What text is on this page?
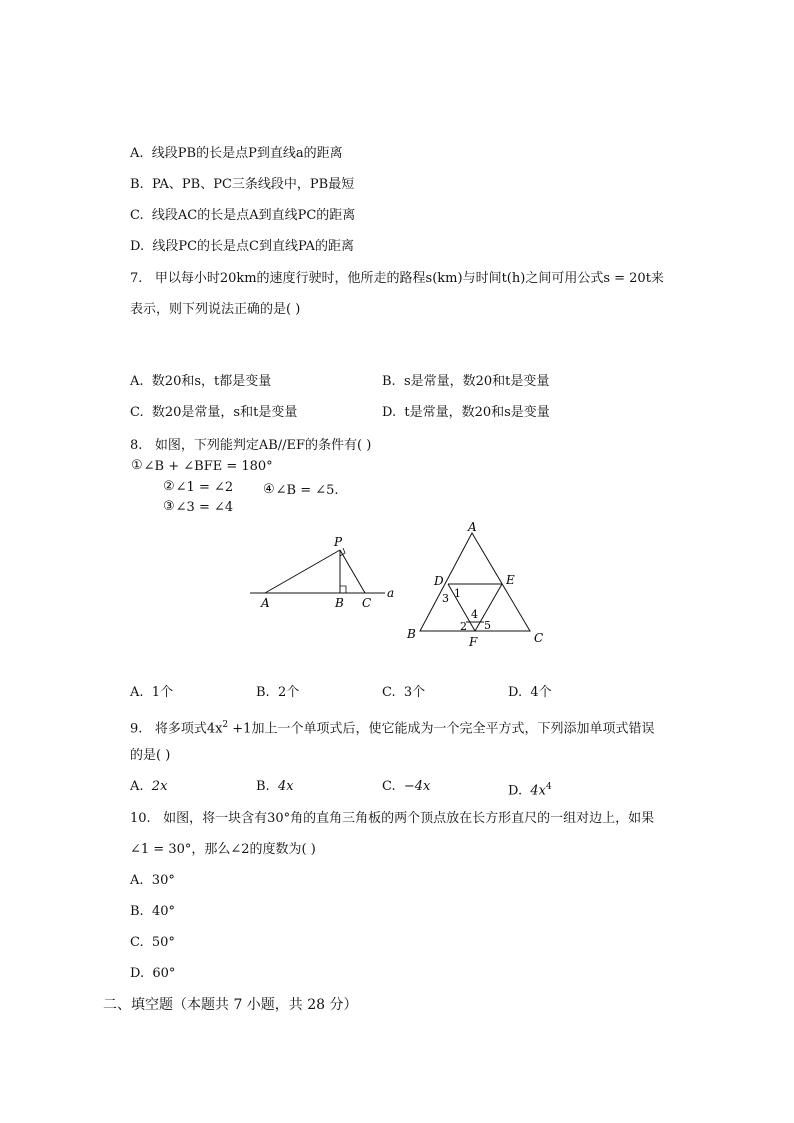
A. 线段PB的长是点P到直线a的距离
B. PA、PB、PC三条线段中，PB最短
C. 线段AC的长是点A到直线PC的距离
D. 线段PC的长是点C到直线PA的距离
7. 甲以每小时20km的速度行驶时，他所走的路程s(km)与时间t(h)之间可用公式s = 20t来
表示，则下列说法正确的是( )
A. 数20和s，t都是变量	B. s是常量，数20和t是变量
C. 数20是常量，s和t是变量	D. t是常量，数20和s是变量
8. 如图，下列能判定AB//EF的条件有( )
①∠B + ∠BFE = 180°
②∠1 = ∠2
③∠3 = ∠4
④∠B = ∠5.
P
A	B C
a
A
D	E
B	C
F
1
3
4
2 5
A. 1个	B. 2个	C. 3个	D. 4个
9. 将多项式$4x^2 +1$加上一个单项式后，使它能成为一个完全平方式，下列添加单项式错误
的是( )
A. 2x	B. 4x	C. −4x	D. $4x^4$
10. 如图，将一块含有30°角的直角三角板的两个顶点放在长方形直尺的一组对边上，如果
∠1 = 30°，那么∠2的度数为( )
A. 30°
B. 40°
C. 50°
D. 60°
二、填空题（本题共 7 小题，共 28 分）
